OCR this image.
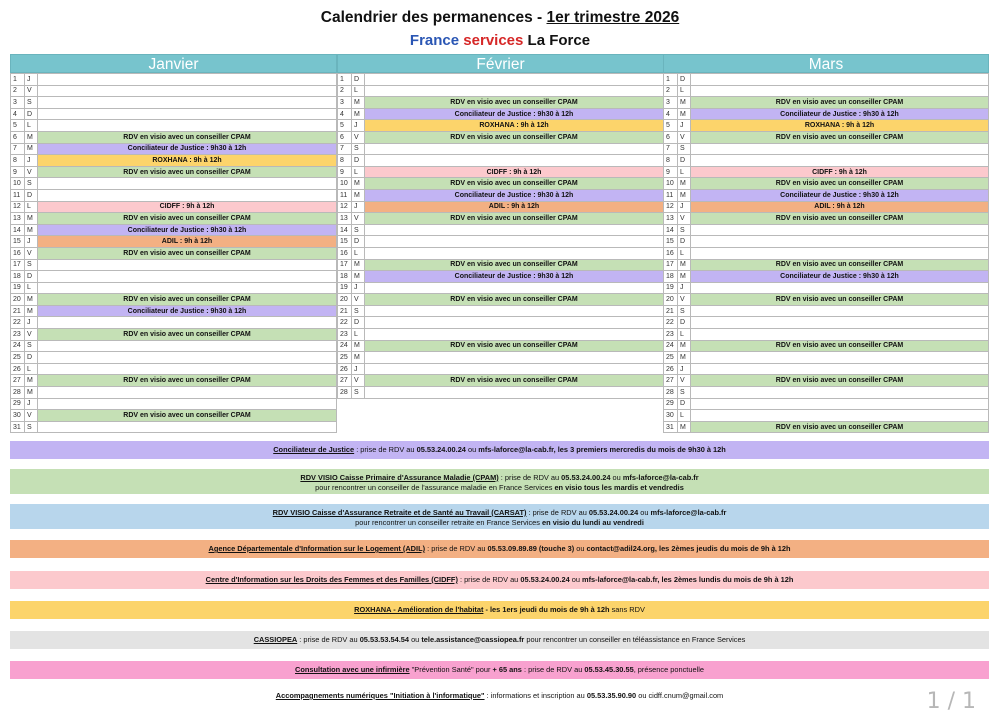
Calendrier des permanences - 1er trimestre 2026
France services La Force
Janvier
1	J	
2	V	
3	S	
4	D	
5	L	
6	M	RDV en visio avec un conseiller CPAM
7	M	Conciliateur de Justice : 9h30 à 12h
8	J	ROXHANA : 9h à 12h
9	V	RDV en visio avec un conseiller CPAM
10	S	
11	D	
12	L	CIDFF : 9h à 12h
13	M	RDV en visio avec un conseiller CPAM
14	M	Conciliateur de Justice : 9h30 à 12h
15	J	ADIL : 9h à 12h
16	V	RDV en visio avec un conseiller CPAM
17	S	
18	D	
19	L	
20	M	RDV en visio avec un conseiller CPAM
21	M	Conciliateur de Justice : 9h30 à 12h
22	J	
23	V	RDV en visio avec un conseiller CPAM
24	S	
25	D	
26	L	
27	M	RDV en visio avec un conseiller CPAM
28	M	
29	J	
30	V	RDV en visio avec un conseiller CPAM
31	S	
Février
1	D	
2	L	
3	M	RDV en visio avec un conseiller CPAM
4	M	Conciliateur de Justice : 9h30 à 12h
5	J	ROXHANA : 9h à 12h
6	V	RDV en visio avec un conseiller CPAM
7	S	
8	D	
9	L	CIDFF : 9h à 12h
10	M	RDV en visio avec un conseiller CPAM
11	M	Conciliateur de Justice : 9h30 à 12h
12	J	ADIL : 9h à 12h
13	V	RDV en visio avec un conseiller CPAM
14	S	
15	D	
16	L	
17	M	RDV en visio avec un conseiller CPAM
18	M	Conciliateur de Justice : 9h30 à 12h
19	J	
20	V	RDV en visio avec un conseiller CPAM
21	S	
22	D	
23	L	
24	M	RDV en visio avec un conseiller CPAM
25	M	
26	J	
27	V	RDV en visio avec un conseiller CPAM
28	S	
Mars
1	D	
2	L	
3	M	RDV en visio avec un conseiller CPAM
4	M	Conciliateur de Justice : 9h30 à 12h
5	J	ROXHANA : 9h à 12h
6	V	RDV en visio avec un conseiller CPAM
7	S	
8	D	
9	L	CIDFF : 9h à 12h
10	M	RDV en visio avec un conseiller CPAM
11	M	Conciliateur de Justice : 9h30 à 12h
12	J	ADIL : 9h à 12h
13	V	RDV en visio avec un conseiller CPAM
14	S	
15	D	
16	L	
17	M	RDV en visio avec un conseiller CPAM
18	M	Conciliateur de Justice : 9h30 à 12h
19	J	
20	V	RDV en visio avec un conseiller CPAM
21	S	
22	D	
23	L	
24	M	RDV en visio avec un conseiller CPAM
25	M	
26	J	
27	V	RDV en visio avec un conseiller CPAM
28	S	
29	D	
30	L	
31	M	RDV en visio avec un conseiller CPAM
Conciliateur de Justice : prise de RDV au 05.53.24.00.24 ou mfs-laforce@la-cab.fr, les 3 premiers mercredis du mois de 9h30 à 12h
RDV VISIO Caisse Primaire d'Assurance Maladie (CPAM) : prise de RDV au 05.53.24.00.24 ou mfs-laforce@la-cab.fr
pour rencontrer un conseiller de l'assurance maladie en France Services en visio tous les mardis et vendredis
RDV VISIO Caisse d'Assurance Retraite et de Santé au Travail (CARSAT) : prise de RDV au 05.53.24.00.24 ou mfs-laforce@la-cab.fr
pour rencontrer un conseiller retraite en France Services en visio du lundi au vendredi
Agence Départementale d'Information sur le Logement (ADIL) : prise de RDV au 05.53.09.89.89 (touche 3) ou contact@adil24.org, les 2èmes jeudis du mois de 9h à 12h
Centre d'Information sur les Droits des Femmes et des Familles (CIDFF) : prise de RDV au 05.53.24.00.24 ou mfs-laforce@la-cab.fr, les 2èmes lundis du mois de 9h à 12h
ROXHANA - Amélioration de l'habitat - les 1ers jeudi du mois de 9h à 12h sans RDV
CASSIOPEA : prise de RDV au 05.53.53.54.54 ou tele.assistance@cassiopea.fr pour rencontrer un conseiller en téléassistance en France Services
Consultation avec une infirmière "Prévention Santé" pour + 65 ans : prise de RDV au 05.53.45.30.55, présence ponctuelle
Accompagnements numériques "Initiation à l'informatique" : informations et inscription au 05.53.35.90.90 ou cidff.cnum@gmail.com	1 / 1
